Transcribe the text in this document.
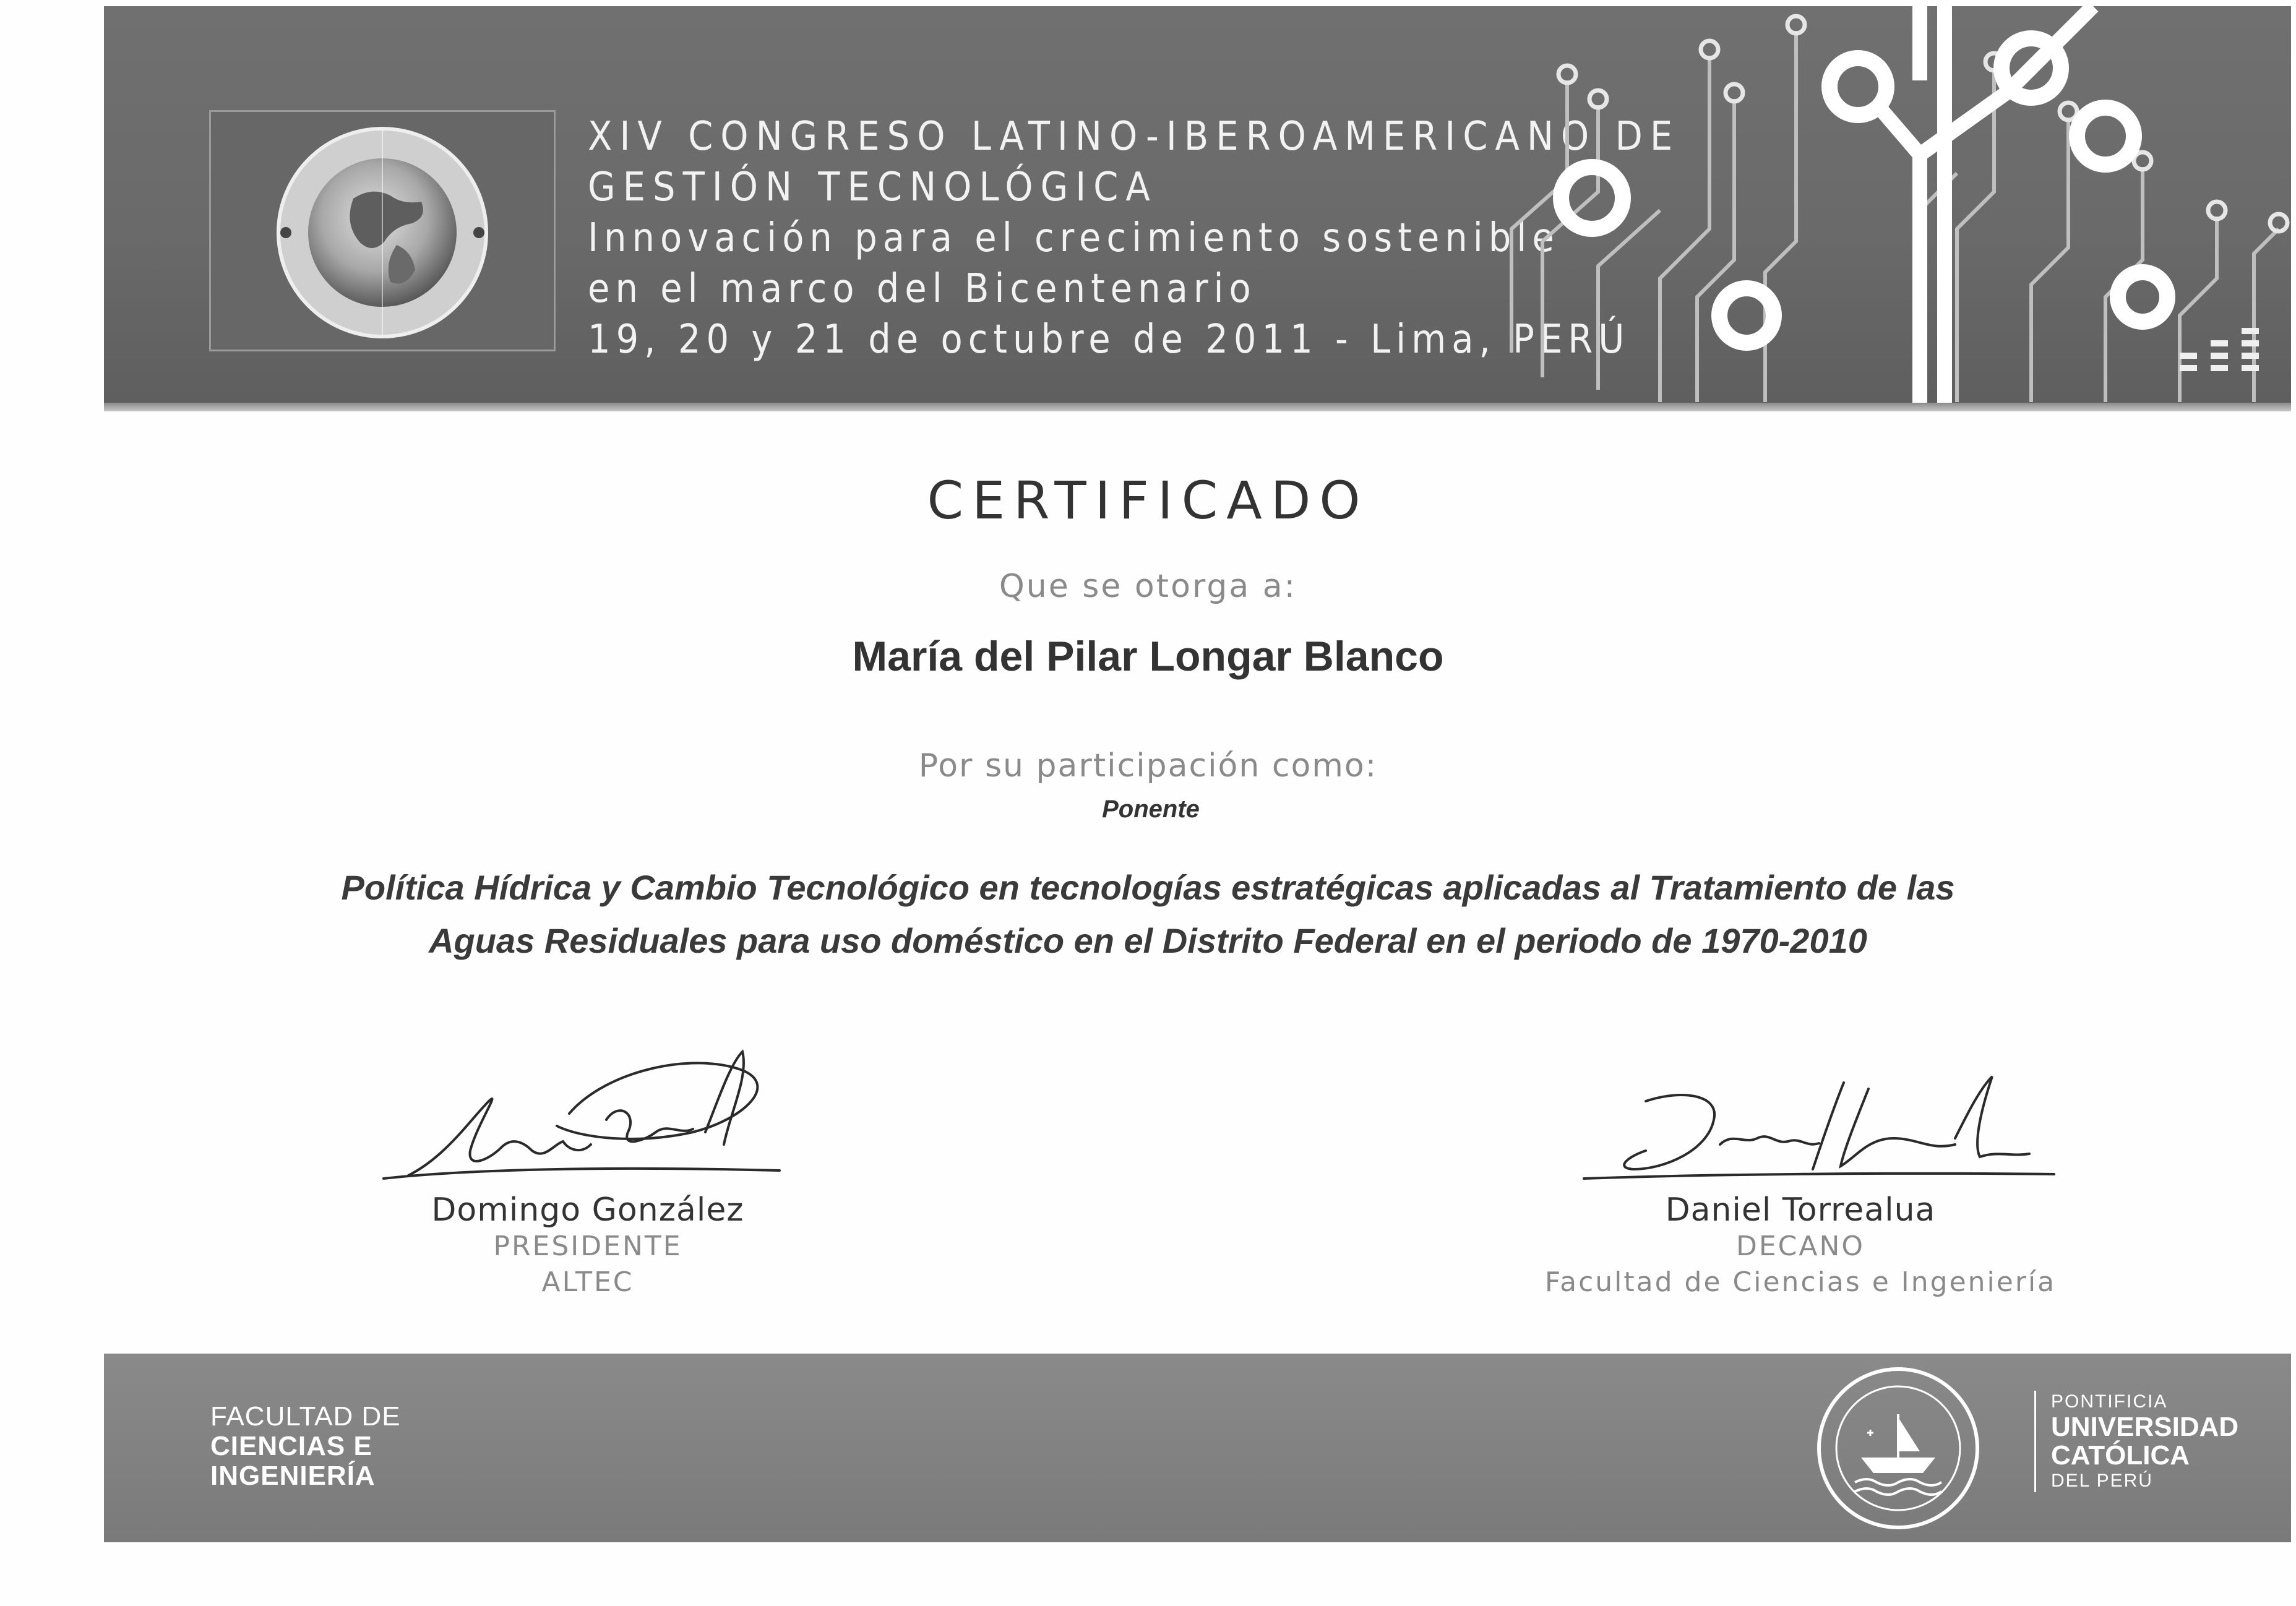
XIV CONGRESO LATINO-IBEROAMERICANO DE
GESTIÓN TECNOLÓGICA
Innovación para el crecimiento sostenible
en el marco del Bicentenario
19, 20 y 21 de octubre de 2011 - Lima, PERÚ
CERTIFICADO
Que se otorga a:
María del Pilar Longar Blanco
Por su participación como:
Ponente
Política Hídrica y Cambio Tecnológico en tecnologías estratégicas aplicadas al Tratamiento de las
Aguas Residuales para uso doméstico en el Distrito Federal en el periodo de 1970-2010
Domingo González
PRESIDENTE
ALTEC
Daniel Torrealua
DECANO
Facultad de Ciencias e Ingeniería
FACULTAD DE
CIENCIAS E
INGENIERÍA
PONTIFICIA
UNIVERSIDAD
CATÓLICA
DEL PERÚ
